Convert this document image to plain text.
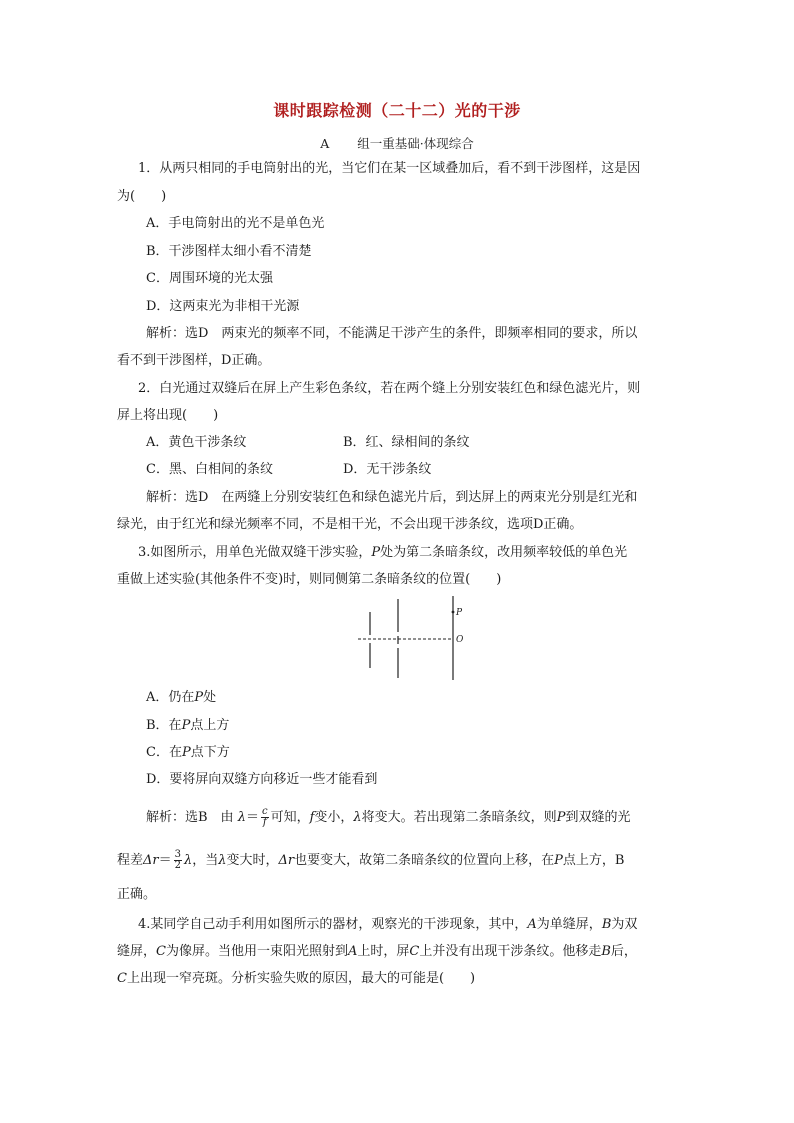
课时跟踪检测（二十二）光的干涉
A 组一重基础·体现综合
1．从两只相同的手电筒射出的光，当它们在某一区域叠加后，看不到干涉图样，这是因
为(　　)
A．手电筒射出的光不是单色光
B．干涉图样太细小看不清楚
C．周围环境的光太强
D．这两束光为非相干光源
解析：选D　两束光的频率不同，不能满足干涉产生的条件，即频率相同的要求，所以
看不到干涉图样，D正确。
2．白光通过双缝后在屏上产生彩色条纹，若在两个缝上分别安装红色和绿色滤光片，则
屏上将出现(　　)
A．黄色干涉条纹	B．红、绿相间的条纹
C．黑、白相间的条纹	D．无干涉条纹
解析：选D　在两缝上分别安装红色和绿色滤光片后，到达屏上的两束光分别是红光和
绿光，由于红光和绿光频率不同，不是相干光，不会出现干涉条纹，选项D正确。
3.如图所示，用单色光做双缝干涉实验，P处为第二条暗条纹，改用频率较低的单色光
重做上述实验(其他条件不变)时，则同侧第二条暗条纹的位置(　　)
P
O
A．仍在P处
B．在P点上方
C．在P点下方
D．要将屏向双缝方向移近一些才能看到
解析：选B　由 $\lambda= \frac{c}{f}$ 可知，f变小，λ将变大。若出现第二条暗条纹，则P到双缝的光
程差$\Delta r= \frac{3}{2}$ λ，当λ变大时，Δr也要变大，故第二条暗条纹的位置向上移，在P点上方，B
正确。
4.某同学自己动手利用如图所示的器材，观察光的干涉现象，其中，A为单缝屏，B为双
缝屏，C为像屏。当他用一束阳光照射到A上时，屏C上并没有出现干涉条纹。他移走B后，
C上出现一窄亮斑。分析实验失败的原因，最大的可能是(　　)
